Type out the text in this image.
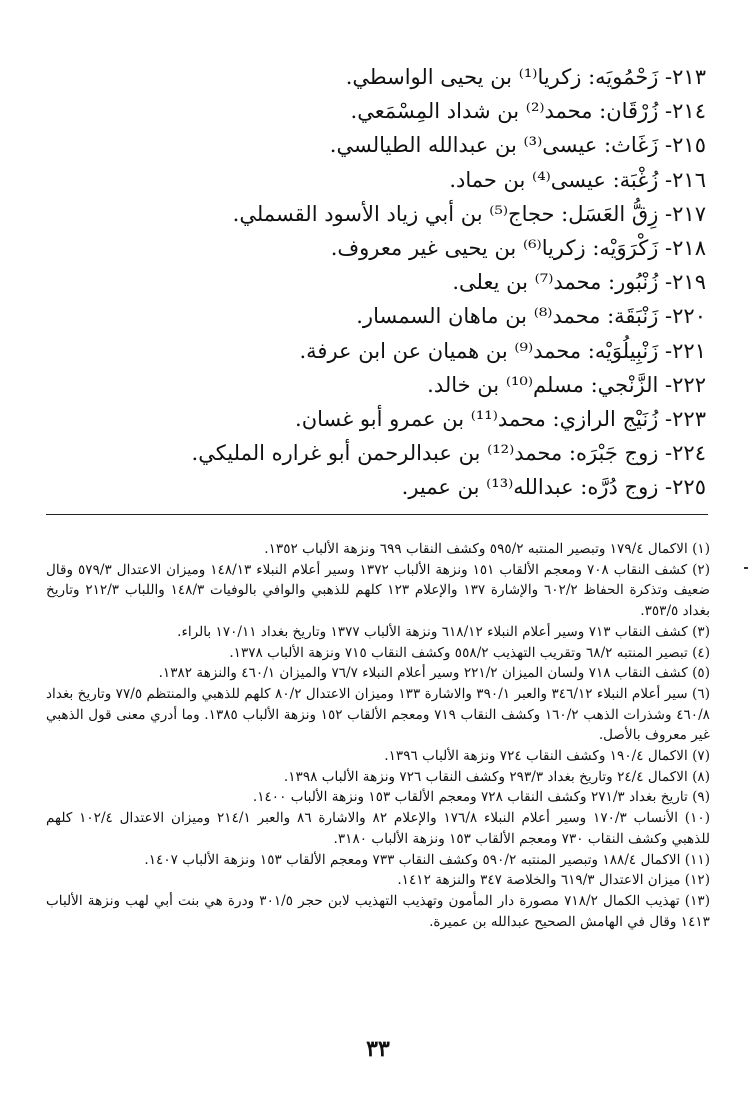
٢١٣- زَحْمُويَه: زكريا⁽¹⁾ بن يحيى الواسطي.
٢١٤- زُرْقَان: محمد⁽²⁾ بن شداد المِسْمَعي.
٢١٥- زَغَاث: عيسى⁽³⁾ بن عبدالله الطيالسي.
٢١٦- زُغْبَة: عيسى⁽⁴⁾ بن حماد.
٢١٧- زِقُّ العَسَل: حجاج⁽⁵⁾ بن أبي زياد الأسود القسملي.
٢١٨- زَكْرَوَيْه: زكريا⁽⁶⁾ بن يحيى غير معروف.
٢١٩- زُنْبُور: محمد⁽⁷⁾ بن يعلى.
٢٢٠- زَنْبَقَة: محمد⁽⁸⁾ بن ماهان السمسار.
٢٢١- زَنْبِيلُوَيْه: محمد⁽⁹⁾ بن هميان عن ابن عرفة.
٢٢٢- الزَّنْجي: مسلم⁽¹⁰⁾ بن خالد.
٢٢٣- زُنَيْج الرازي: محمد⁽¹¹⁾ بن عمرو أبو غسان.
٢٢٤- زوج جَبْرَه: محمد⁽¹²⁾ بن عبدالرحمن أبو غراره المليكي.
٢٢٥- زوج دُرَّه: عبدالله⁽¹³⁾ بن عمير.
(١) الاكمال ١٧٩/٤ وتبصير المنتبه ٥٩٥/٢ وكشف النقاب ٦٩٩ ونزهة الألباب ١٣٥٢.
(٢) كشف النقاب ٧٠٨ ومعجم الألقاب ١٥١ ونزهة الألباب ١٣٧٢ وسير أعلام النبلاء ١٤٨/١٣ وميزان الاعتدال ٥٧٩/٣ وقال ضعيف وتذكرة الحفاظ ٦٠٢/٢ والإشارة ١٣٧ والإعلام ١٢٣ كلهم للذهبي والوافي بالوفيات ١٤٨/٣ واللباب ٢١٢/٣ وتاريخ بغداد ٣٥٣/٥.
(٣) كشف النقاب ٧١٣ وسير أعلام النبلاء ٦١٨/١٢ ونزهة الألباب ١٣٧٧ وتاريخ بغداد ١٧٠/١١ بالراء.
(٤) تبصير المنتبه ٦٨/٢ وتقريب التهذيب ٥٥٨/٢ وكشف النقاب ٧١٥ ونزهة الألباب ١٣٧٨.
(٥) كشف النقاب ٧١٨ ولسان الميزان ٢٢١/٢ وسير أعلام النبلاء ٧٦/٧ والميزان ٤٦٠/١ والنزهة ١٣٨٢.
(٦) سير أعلام النبلاء ٣٤٦/١٢ والعبر ٣٩٠/١ والاشارة ١٣٣ وميزان الاعتدال ٨٠/٢ كلهم للذهبي والمنتظم ٧٧/٥ وتاريخ بغداد ٤٦٠/٨ وشذرات الذهب ١٦٠/٢ وكشف النقاب ٧١٩ ومعجم الألقاب ١٥٢ ونزهة الألباب ١٣٨٥. وما أدري معنى قول الذهبي غير معروف بالأصل.
(٧) الاكمال ١٩٠/٤ وكشف النقاب ٧٢٤ ونزهة الألباب ١٣٩٦.
(٨) الاكمال ٢٤/٤ وتاريخ بغداد ٢٩٣/٣ وكشف النقاب ٧٢٦ ونزهة الألباب ١٣٩٨.
(٩) تاريخ بغداد ٢٧١/٣ وكشف النقاب ٧٢٨ ومعجم الألقاب ١٥٣ ونزهة الألباب ١٤٠٠.
(١٠) الأنساب ١٧٠/٣ وسير أعلام النبلاء ١٧٦/٨ والإعلام ٨٢ والاشارة ٨٦ والعبر ٢١٤/١ وميزان الاعتدال ١٠٢/٤ كلهم للذهبي وكشف النقاب ٧٣٠ ومعجم الألقاب ١٥٣ ونزهة الألباب ٣١٨٠.
(١١) الاكمال ١٨٨/٤ وتبصير المنتبه ٥٩٠/٢ وكشف النقاب ٧٣٣ ومعجم الألقاب ١٥٣ ونزهة الألباب ١٤٠٧.
(١٢) ميزان الاعتدال ٦١٩/٣ والخلاصة ٣٤٧ والنزهة ١٤١٢.
(١٣) تهذيب الكمال ٧١٨/٢ مصورة دار المأمون وتهذيب التهذيب لابن حجر ٣٠١/٥ ودرة هي بنت أبي لهب ونزهة الألباب ١٤١٣ وقال في الهامش الصحيح عبدالله بن عميرة.
٣٣
